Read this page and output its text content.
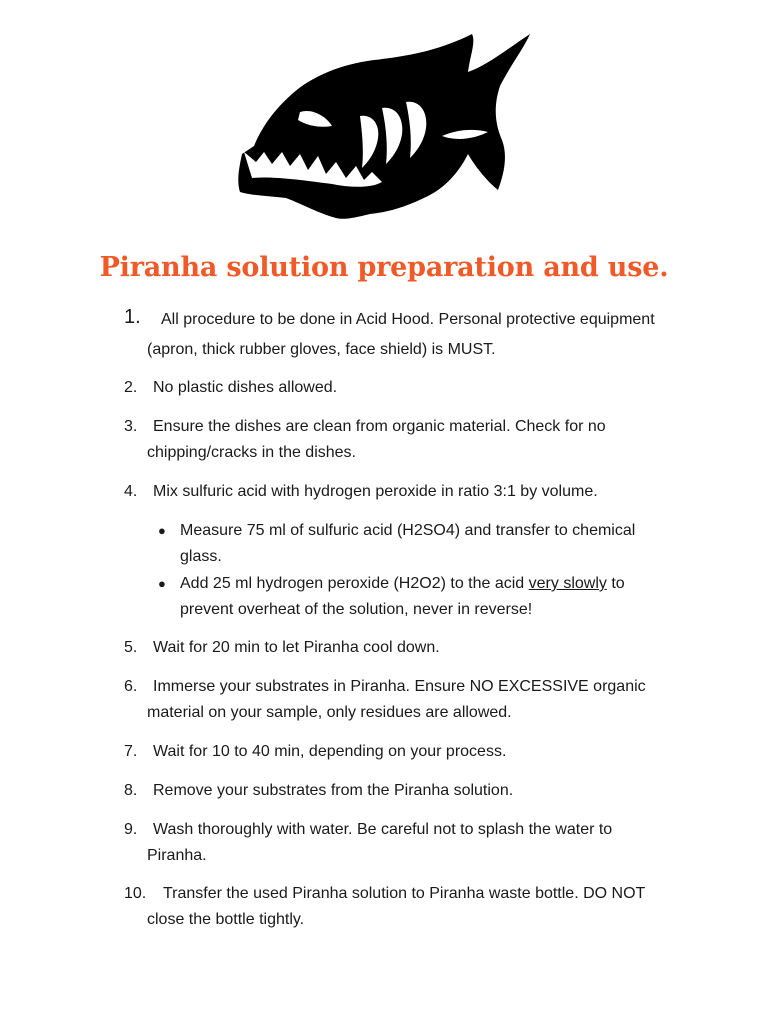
Piranha solution preparation and use.
1.	All procedure to be done in Acid Hood. Personal protective equipment
(apron, thick rubber gloves, face shield) is MUST.
2. No plastic dishes allowed.
3. Ensure the dishes are clean from organic material. Check for no
chipping/cracks in the dishes.
4. Mix sulfuric acid with hydrogen peroxide in ratio 3:1 by volume.
● Measure 75 ml of sulfuric acid (H2SO4) and transfer to chemical
glass.
● Add 25 ml hydrogen peroxide (H2O2) to the acid very slowly to
prevent overheat of the solution, never in reverse!
5. Wait for 20 min to let Piranha cool down.
6. Immerse your substrates in Piranha. Ensure NO EXCESSIVE organic
material on your sample, only residues are allowed.
7. Wait for 10 to 40 min, depending on your process.
8. Remove your substrates from the Piranha solution.
9. Wash thoroughly with water. Be careful not to splash the water to
Piranha.
10.	Transfer the used Piranha solution to Piranha waste bottle. DO NOT
close the bottle tightly.
